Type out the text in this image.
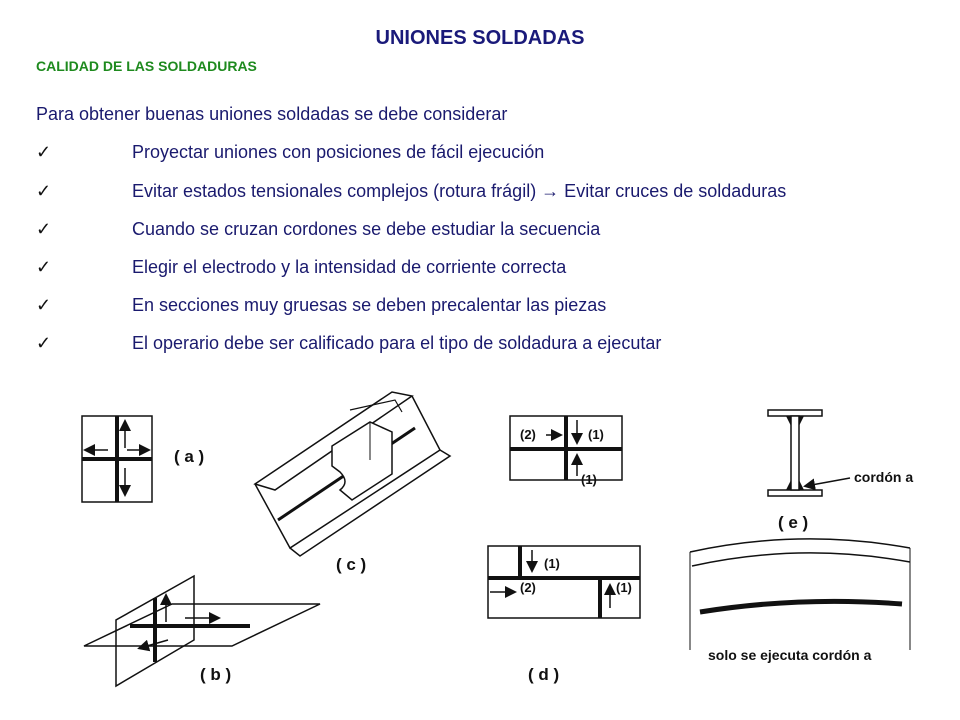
UNIONES SOLDADAS
CALIDAD DE LAS SOLDADURAS
Para obtener buenas uniones soldadas se debe considerar
✓	Proyectar uniones con posiciones de fácil ejecución
✓	Evitar estados tensionales complejos (rotura frágil) → Evitar cruces de soldaduras
✓	Cuando se cruzan cordones se debe estudiar la secuencia
✓	Elegir el electrodo y la intensidad de corriente correcta
✓	En secciones muy gruesas se deben precalentar las piezas
✓	El operario debe ser calificado para el tipo de soldadura a ejecutar
( a )
( c )
( b )
(2)	(1)
(1)
(1)
(2)	(1)
( d )
cordón a
( e )
solo se ejecuta cordón a
